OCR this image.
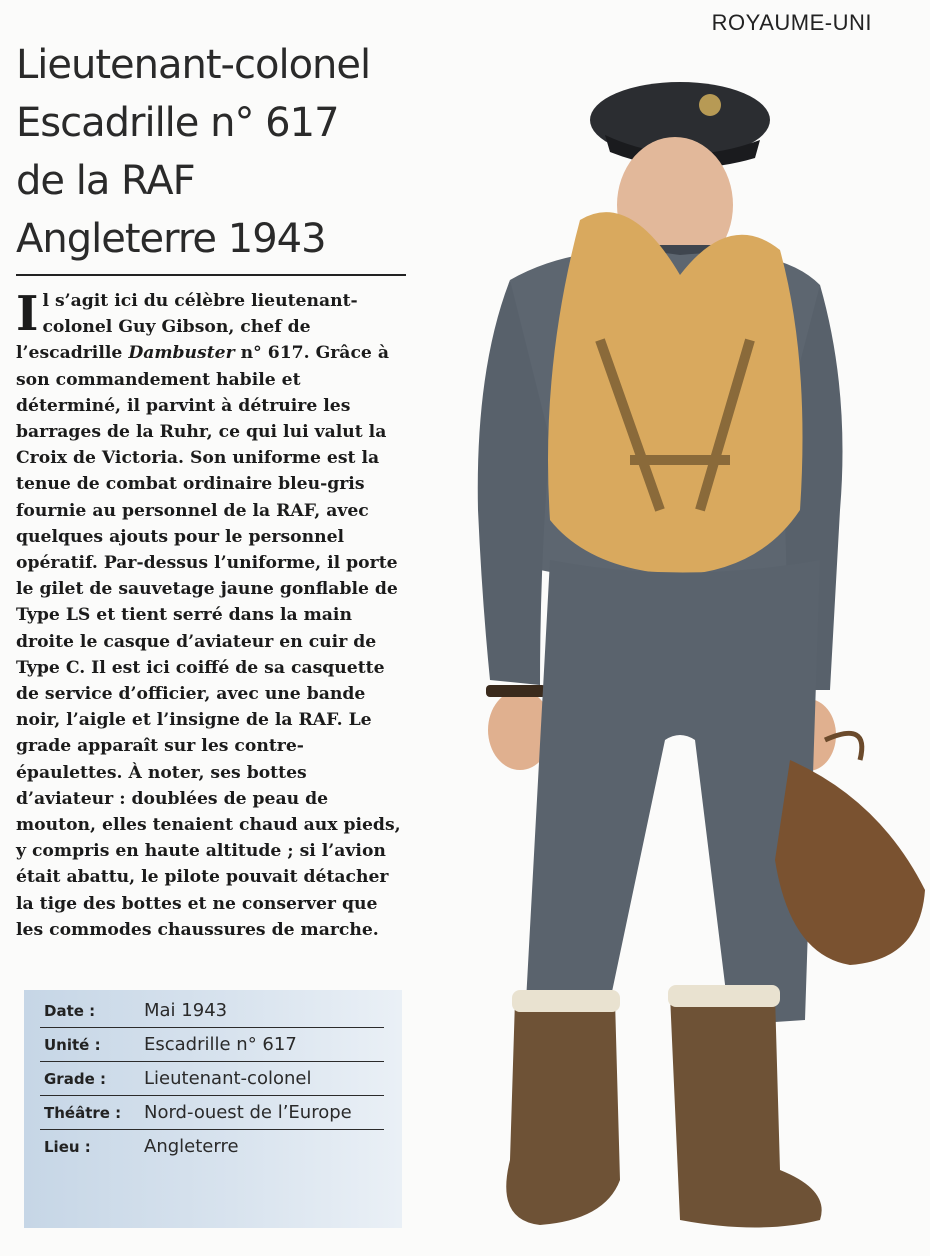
ROYAUME-UNI
Lieutenant-colonel
Escadrille n° 617
de la RAF
Angleterre 1943
Il s’agit ici du célèbre lieutenant-colonel Guy Gibson, chef de l’escadrille Dambuster n° 617. Grâce à son commandement habile et déterminé, il parvint à détruire les barrages de la Ruhr, ce qui lui valut la Croix de Victoria. Son uniforme est la tenue de combat ordinaire bleu-gris fournie au personnel de la RAF, avec quelques ajouts pour le personnel opératif. Par-dessus l’uniforme, il porte le gilet de sauvetage jaune gonflable de Type LS et tient serré dans la main droite le casque d’aviateur en cuir de Type C. Il est ici coiffé de sa casquette de service d’officier, avec une bande noir, l’aigle et l’insigne de la RAF. Le grade apparaît sur les contre-épaulettes. À noter, ses bottes d’aviateur : doublées de peau de mouton, elles tenaient chaud aux pieds, y compris en haute altitude ; si l’avion était abattu, le pilote pouvait détacher la tige des bottes et ne conserver que les commodes chaussures de marche.
Date :	Mai 1943
Unité : Escadrille n° 617
Grade : Lieutenant-colonel
Théâtre : Nord-ouest de l’Europe
Lieu :	Angleterre
